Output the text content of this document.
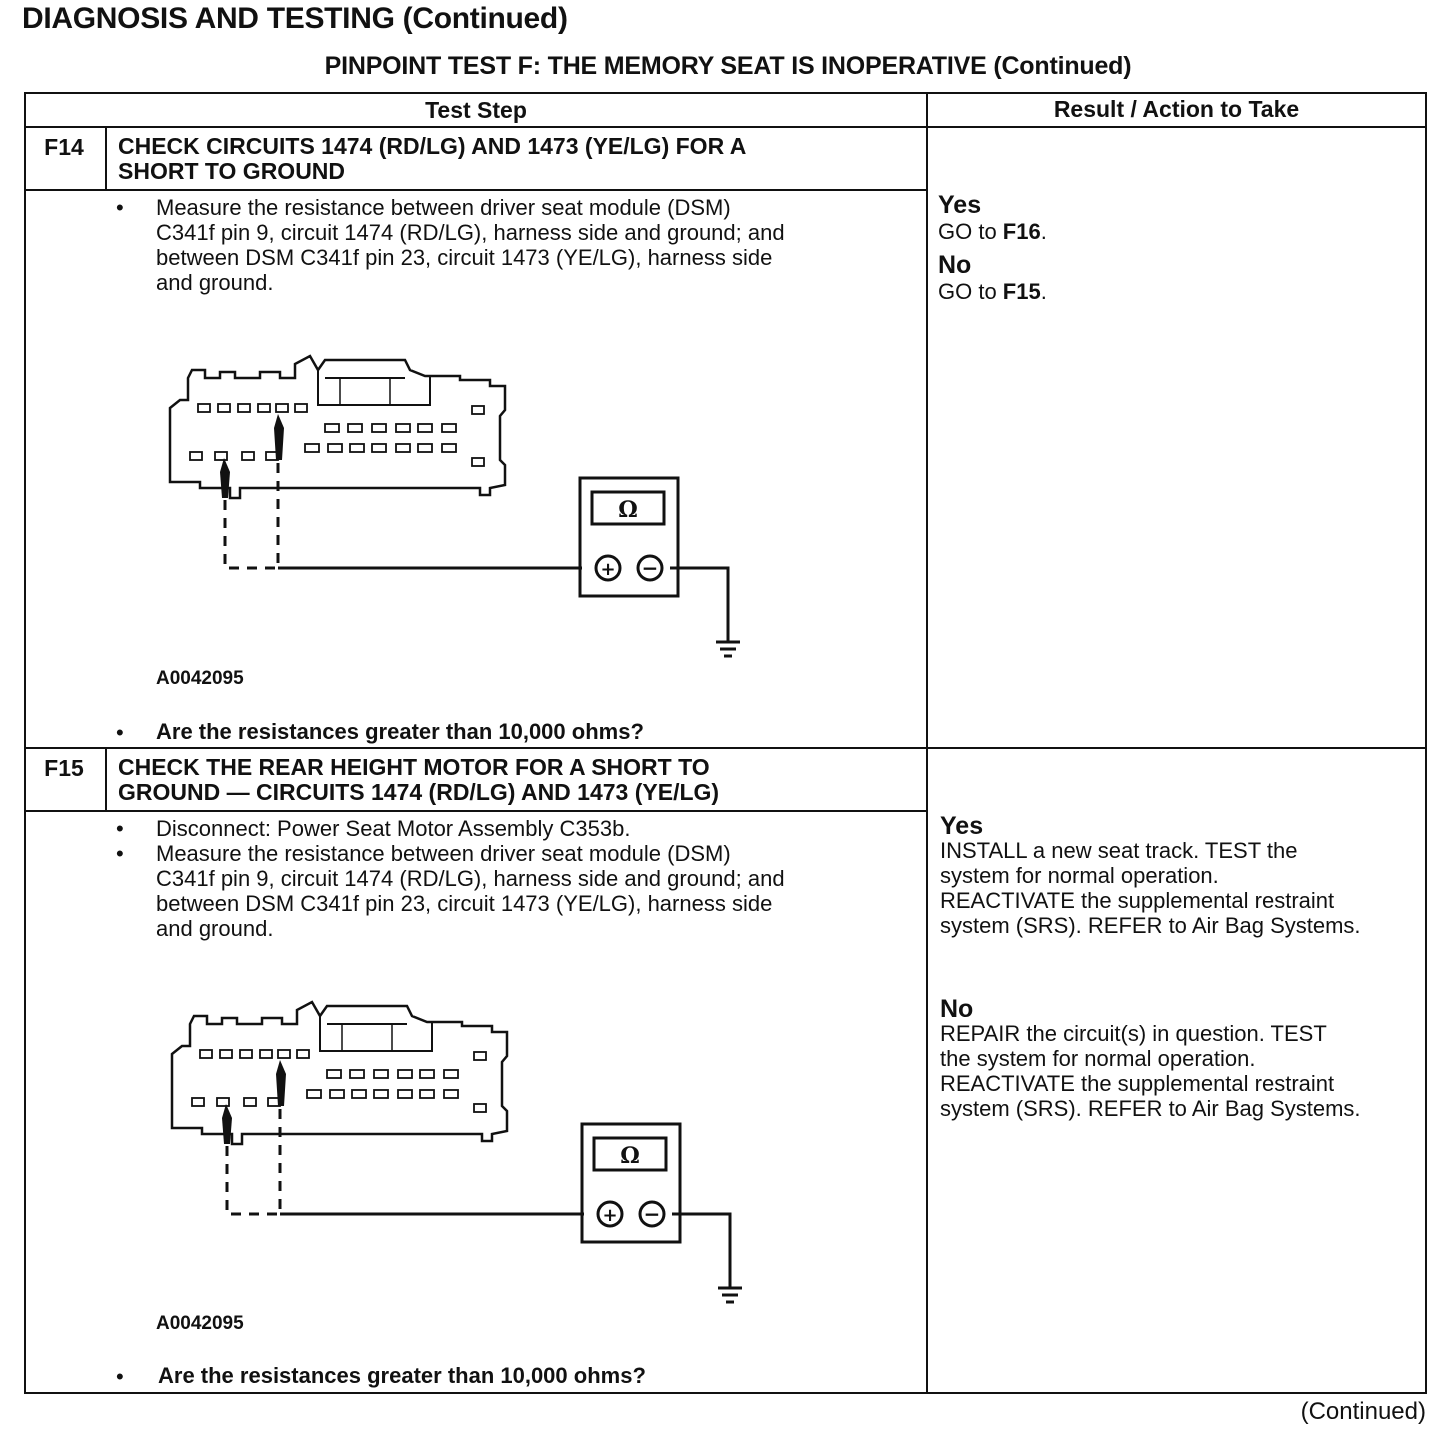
DIAGNOSIS AND TESTING (Continued)
PINPOINT TEST F: THE MEMORY SEAT IS INOPERATIVE (Continued)
Test Step	Result / Action to Take
F14	CHECK CIRCUITS 1474 (RD/LG) AND 1473 (YE/LG) FOR A
SHORT TO GROUND
• Measure the resistance between driver seat module (DSM)
C341f pin 9, circuit 1474 (RD/LG), harness side and ground; and
between DSM C341f pin 23, circuit 1473 (YE/LG), harness side
and ground.
Ω
+ −
A0042095
• Are the resistances greater than 10,000 ohms?
Yes
GO to F16.
No
GO to F15.
F15	CHECK THE REAR HEIGHT MOTOR FOR A SHORT TO
GROUND — CIRCUITS 1474 (RD/LG) AND 1473 (YE/LG)
• Disconnect: Power Seat Motor Assembly C353b.
• Measure the resistance between driver seat module (DSM)
C341f pin 9, circuit 1474 (RD/LG), harness side and ground; and
between DSM C341f pin 23, circuit 1473 (YE/LG), harness side
and ground.
Ω
+ −
A0042095
• Are the resistances greater than 10,000 ohms?
Yes
INSTALL a new seat track. TEST the
system for normal operation.
REACTIVATE the supplemental restraint
system (SRS). REFER to Air Bag Systems.
No
REPAIR the circuit(s) in question. TEST
the system for normal operation.
REACTIVATE the supplemental restraint
system (SRS). REFER to Air Bag Systems.
(Continued)
